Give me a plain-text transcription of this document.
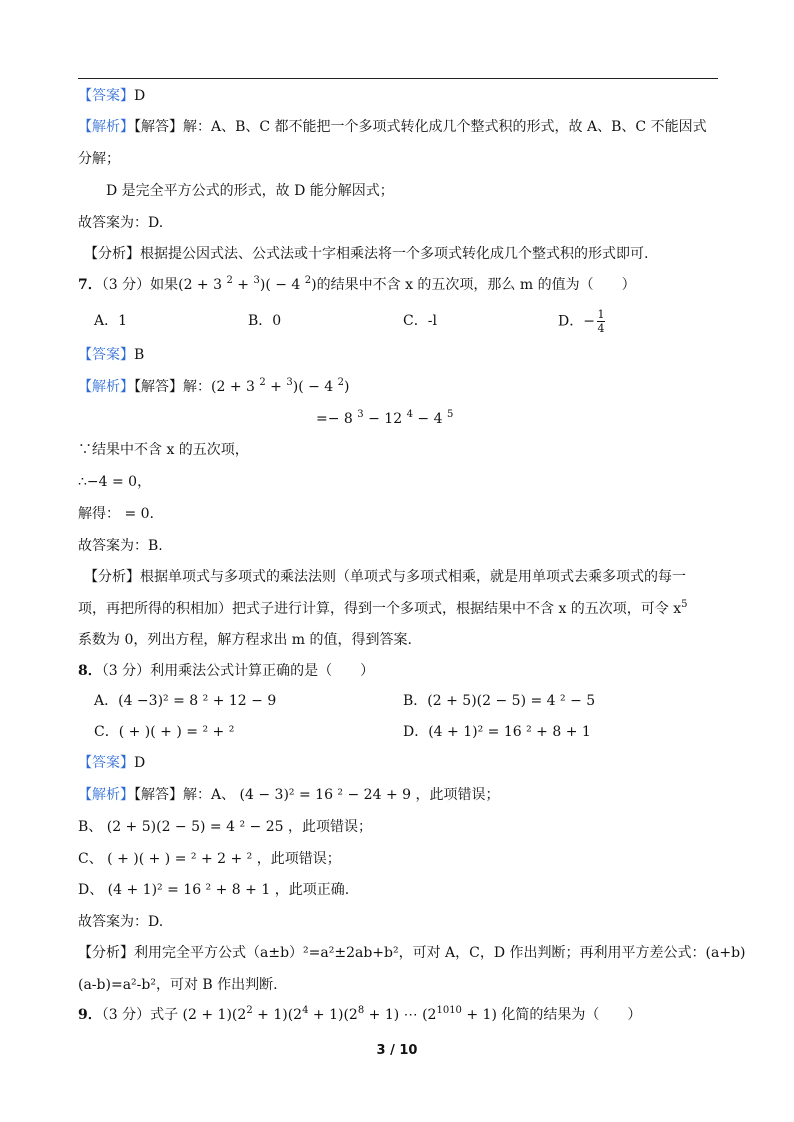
【答案】D
【解析】【解答】解：A、B、C 都不能把一个多项式转化成几个整式积的形式，故 A、B、C 不能因式
分解；
D 是完全平方公式的形式，故 D 能分解因式；
故答案为：D.
【分析】根据提公因式法、公式法或十字相乘法将一个多项式转化成几个整式积的形式即可.
7．（3 分）如果(2 + 3 $^2$ + $^3$)( − 4 $^2$)的结果中不含 x 的五次项，那么 m 的值为（　　）
A．1	B．0	C．-l	D．− $\frac{1}{4}$
【答案】B
【解析】【解答】解：(2 + 3 $^2$ + $^3$)( − 4 $^2$)
=− 8 $^3$ − 12 $^4$ − 4 $^5$
∵结果中不含 x 的五次项，
∴−4 = 0，
解得： = 0.
故答案为：B.
【分析】根据单项式与多项式的乘法法则（单项式与多项式相乘，就是用单项式去乘多项式的每一
项，再把所得的积相加）把式子进行计算，得到一个多项式，根据结果中不含 x 的五次项，可令 $x^5$
系数为 0，列出方程，解方程求出 m 的值，得到答案.
8．（3 分）利用乘法公式计算正确的是（　　）
A．(4 −3)² = 8 ² + 12 − 9	B．(2 + 5)(2 − 5) = 4 ² − 5
C．( + )( + ) = ² + ²	D．(4 + 1)² = 16 ² + 8 + 1
【答案】D
【解析】【解答】解：A、 (4 − 3)² = 16 ² − 24 + 9 ，此项错误；
B、 (2 + 5)(2 − 5) = 4 ² − 25 ，此项错误；
C、 ( + )( + ) = ² + 2 + ² ，此项错误；
D、 (4 + 1)² = 16 ² + 8 + 1 ，此项正确.
故答案为：D.
【分析】利用完全平方公式（a±b）²=a²±2ab+b²，可对 A，C，D 作出判断；再利用平方差公式：(a+b)
(a-b)=a²-b²，可对 B 作出判断.
9．（3 分）式子 $(2 + 1)(2^2 + 1)(2^4 + 1)(2^8 + 1)$ ⋯ $(2^{1010} + 1)$ 化简的结果为（　　）
3 / 10
